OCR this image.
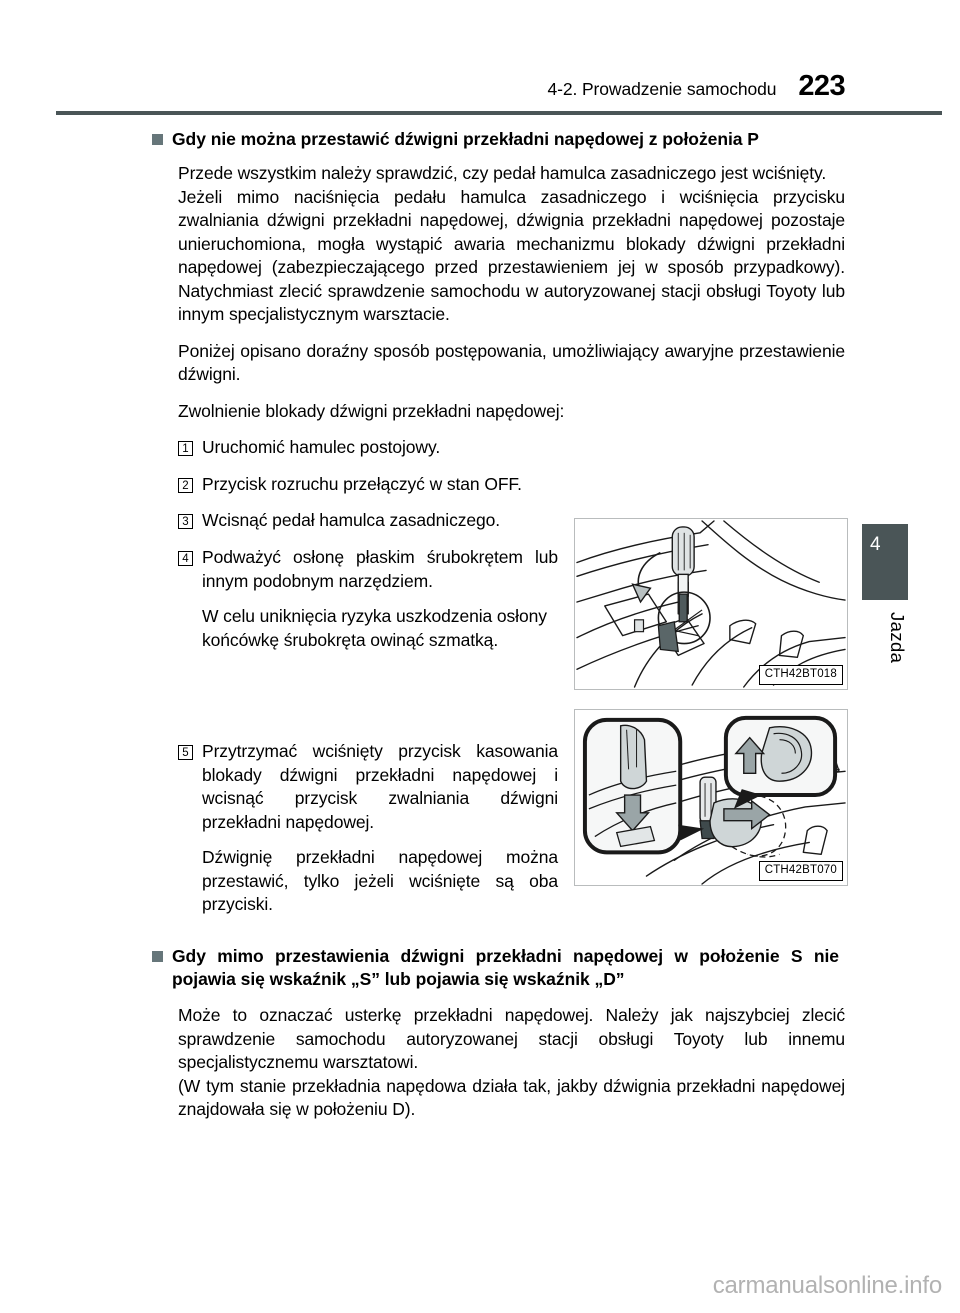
4-2. Prowadzenie samochodu 223
4
Jazda
Gdy nie można przestawić dźwigni przekładni napędowej z położenia P

Przede wszystkim należy sprawdzić, czy pedał hamulca zasadniczego jest wciśnięty.

Jeżeli mimo naciśnięcia pedału hamulca zasadniczego i wciśnięcia przycisku zwalniania dźwigni przekładni napędowej, dźwignia przekładni napędowej pozostaje unieruchomiona, mogła wystąpić awaria mechanizmu blokady dźwigni przekładni napędowej (zabezpieczającego przed przestawieniem jej w sposób przypadkowy). Natychmiast zlecić sprawdzenie samochodu w autoryzowanej stacji obsługi Toyoty lub innym specjalistycznym warsztacie.

Poniżej opisano doraźny sposób postępowania, umożliwiający awaryjne przestawienie dźwigni.

Zwolnienie blokady dźwigni przekładni napędowej:

1 Uruchomić hamulec postojowy.

2 Przycisk rozruchu przełączyć w stan OFF.

3 Wcisnąć pedał hamulca zasadniczego.

4 Podważyć osłonę płaskim śrubokrętem lub innym podobnym narzędziem.

W celu uniknięcia ryzyka uszkodzenia osłony końcówkę śrubokręta owinąć szmatką.

5 Przytrzymać wciśnięty przycisk kasowania blokady dźwigni przekładni napędowej i wcisnąć przycisk zwalniania dźwigni przekładni napędowej.

Dźwignię przekładni napędowej można przestawić, tylko jeżeli wciśnięte są oba przyciski.

Gdy mimo przestawienia dźwigni przekładni napędowej w położenie S nie pojawia się wskaźnik „S” lub pojawia się wskaźnik „D”

Może to oznaczać usterkę przekładni napędowej. Należy jak najszybciej zlecić sprawdzenie samochodu autoryzowanej stacji obsługi Toyoty lub innemu specjalistycznemu warsztatowi.

(W tym stanie przekładnia napędowa działa tak, jakby dźwignia przekładni napędowej znajdowała się w położeniu D).

CTH42BT018
CTH42BT070
carmanualsonline.info
